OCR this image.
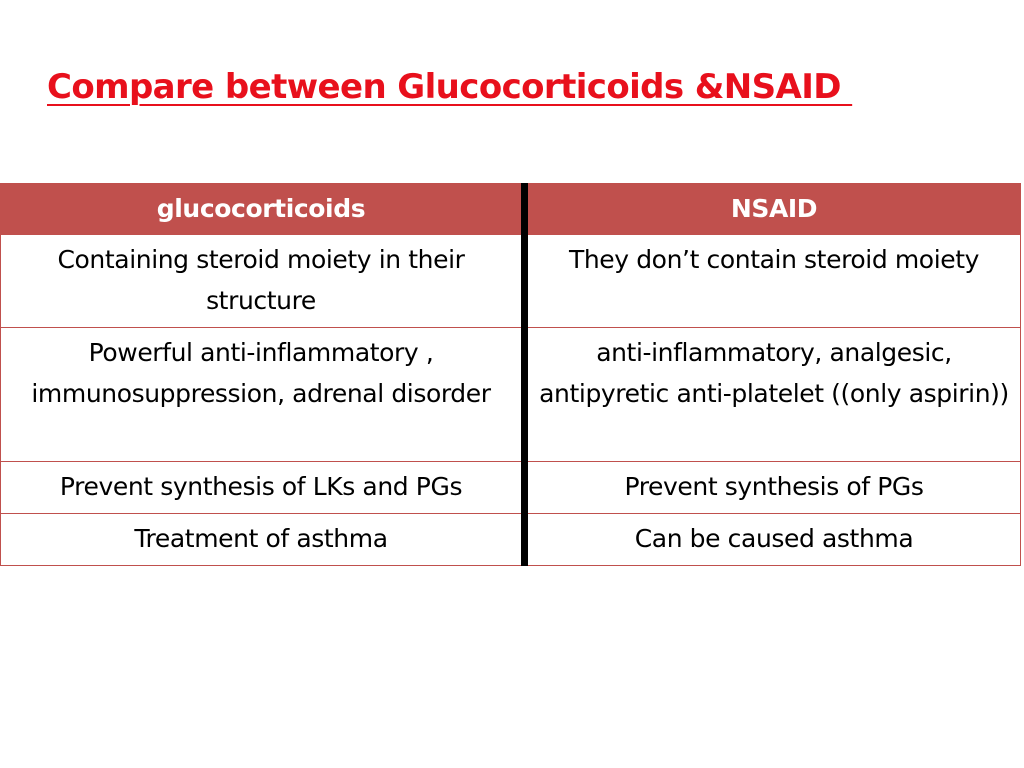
Compare between Glucocorticoids &NSAID
glucocorticoids	NSAID
Containing steroid moiety in their structure	They don’t contain steroid moiety
Powerful anti-inflammatory , immunosuppression, adrenal disorder	anti-inflammatory, analgesic, antipyretic anti-platelet ((only aspirin))
Prevent synthesis of LKs and PGs	Prevent synthesis of PGs
Treatment of asthma	Can be caused asthma
